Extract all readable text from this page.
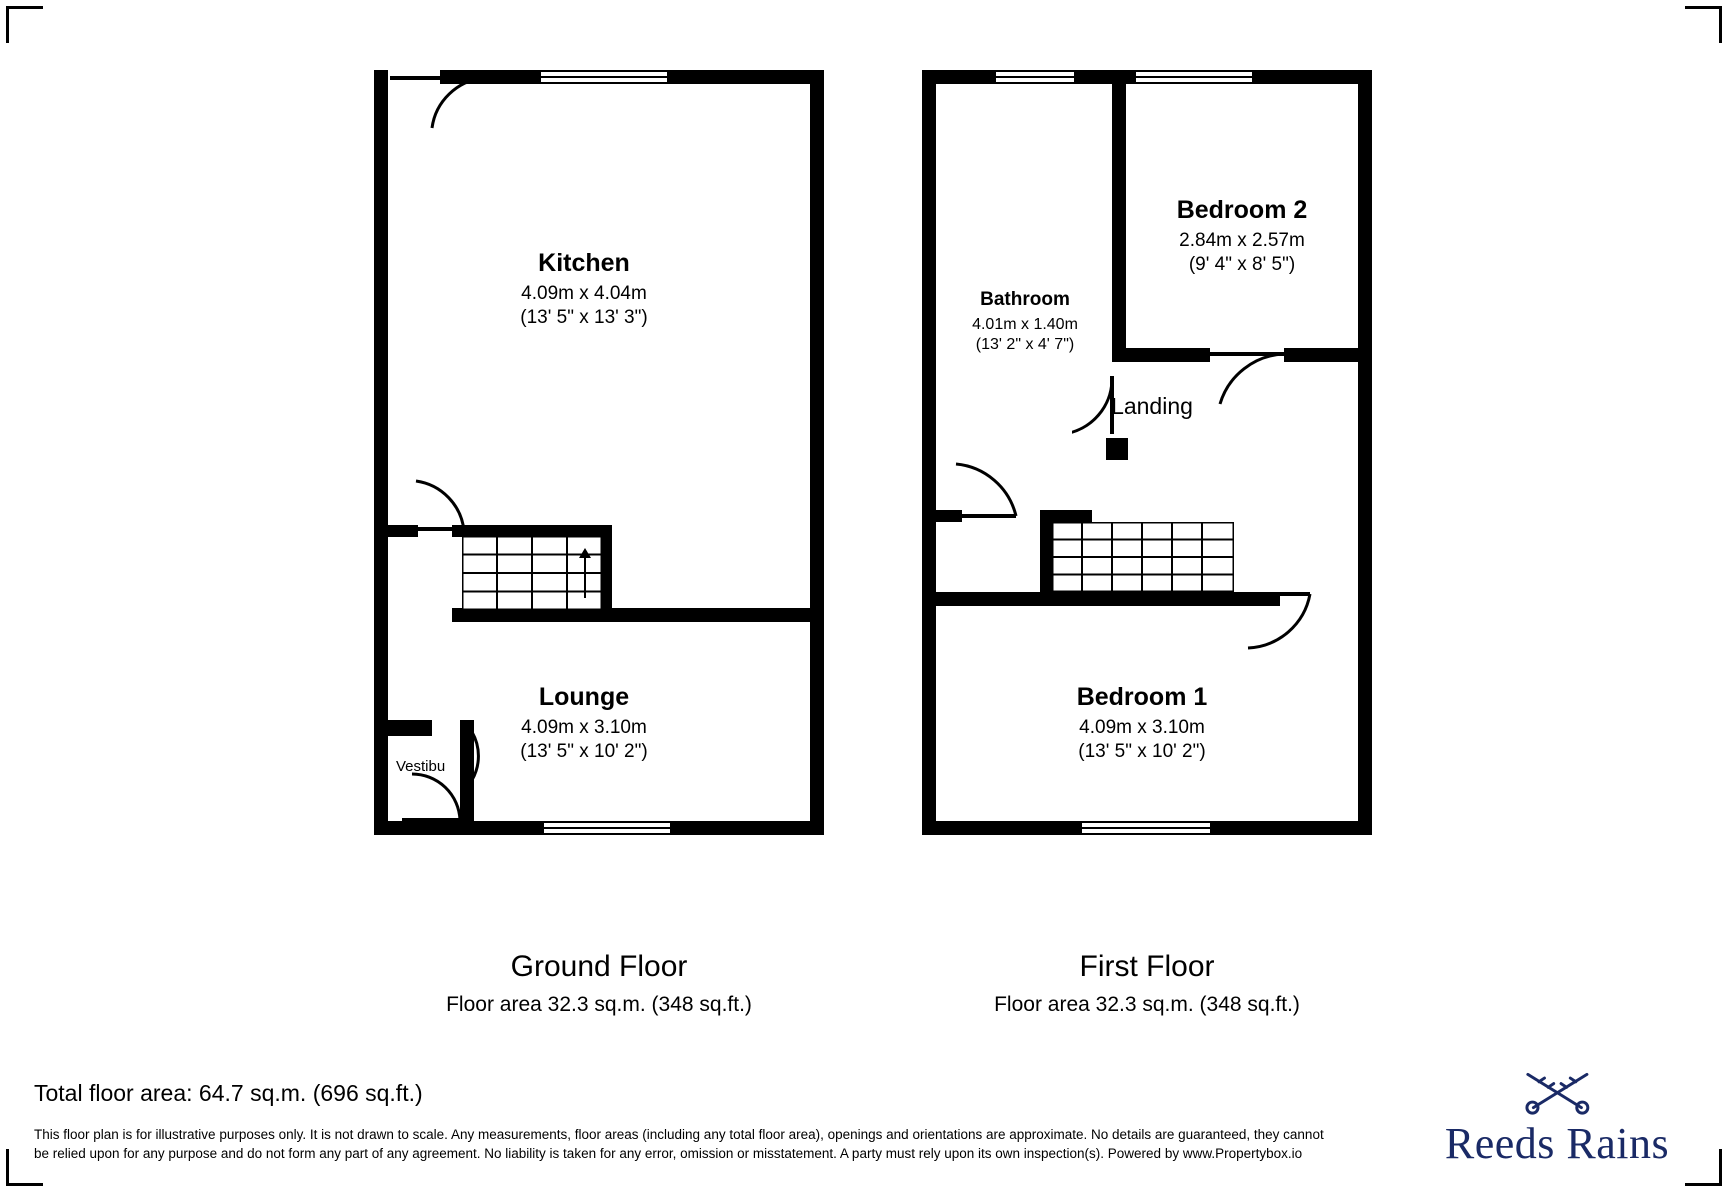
Kitchen
4.09m x 4.04m
(13' 5" x 13' 3")
Lounge
4.09m x 3.10m
(13' 5" x 10' 2")
Vestibu
Bedroom 2
2.84m x 2.57m
(9' 4" x 8' 5")
Bathroom
4.01m x 1.40m
(13' 2" x 4' 7")
Landing
Bedroom 1
4.09m x 3.10m
(13' 5" x 10' 2")
Ground Floor
Floor area 32.3 sq.m. (348 sq.ft.)
First Floor
Floor area 32.3 sq.m. (348 sq.ft.)
Total floor area: 64.7 sq.m. (696 sq.ft.)
This floor plan is for illustrative purposes only. It is not drawn to scale. Any measurements, floor areas (including any total floor area), openings and orientations are approximate. No details are guaranteed, they cannot be relied upon for any purpose and do not form any part of any agreement. No liability is taken for any error, omission or misstatement. A party must rely upon its own inspection(s). Powered by www.Propertybox.io	Reeds Rains
